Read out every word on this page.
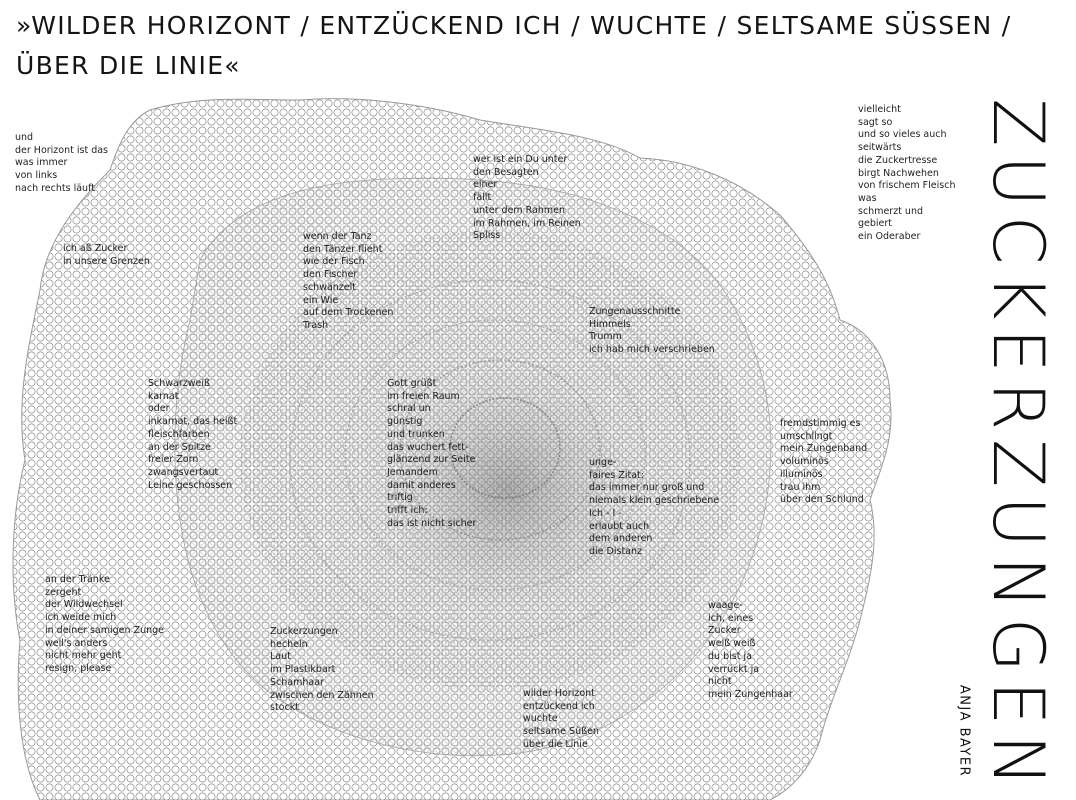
»WILDER HORIZONT / ENTZÜCKEND ICH / WUCHTE / SELTSAME SÜSSEN / ÜBER DIE LINIE«
und
der Horizont ist das
was immer
von links
nach rechts läuft
ich aß Zucker
in unsere Grenzen
wenn der Tanz
den Tänzer flieht
wie der Fisch
den Fischer
schwänzelt
ein Wie
auf dem Trockenen
Trash
wer ist ein Du unter
den Besagten
einer
fällt
unter dem Rahmen
im Rahmen, im Reinen
Spliss
vielleicht
sagt so
und so vieles auch
seitwärts
die Zuckertresse
birgt Nachwehen
von frischem Fleisch
was
schmerzt und
gebiert
ein Oderaber
Zungenausschnitte
Himmels
Trumm
ich hab mich verschrieben
Schwarzweiß
karnat
oder
inkarnat, das heißt
fleischfarben
an der Spitze
freier Zorn
zwangsvertaut
Leine geschossen
Gott grüßt
im freien Raum
schral un
günstig
und trunken
das wuchert fett-
glänzend zur Seite
Jemandem
damit anderes
triftig
trifft ich:
das ist nicht sicher
fremdstimmig es
umschlingt
mein Zungenband
voluminös
illuminös
trau ihm
über den Schlund
unge-
faires Zitat:
das immer nur groß und
niemals klein geschriebene
Ich - I -
erlaubt auch
dem anderen
die Distanz
an der Tränke
zergeht
der Wildwechsel
ich weide mich
in deiner samigen Zunge
weil's anders
nicht mehr geht
resign, please
Zuckerzungen
hecheln
Laut
im Plastikbart
Schamhaar
zwischen den Zähnen
stockt
waage-
ich, eines
Zucker
weiß weiß
du bist ja
verrückt ja
nicht
mein Zungenhaar
wilder Horizont
entzückend ich
wuchte
seltsame Süßen
über die Linie	ZUCKERZUNGEN
ANJA BAYER
